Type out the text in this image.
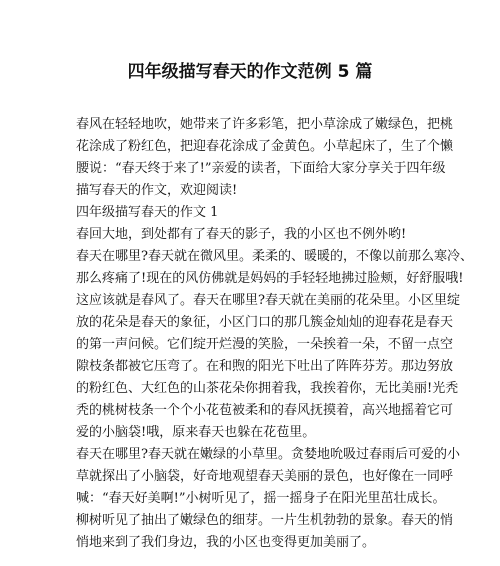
四年级描写春天的作文范例 5 篇
春风在轻轻地吹，她带来了许多彩笔，把小草涂成了嫩绿色，把桃
花涂成了粉红色，把迎春花涂成了金黄色。小草起床了，生了个懒
腰说：“春天终于来了!”亲爱的读者，下面给大家分享关于四年级
描写春天的作文，欢迎阅读!
四年级描写春天的作文 1
春回大地，到处都有了春天的影子，我的小区也不例外哟!
春天在哪里?春天就在微风里。柔柔的、暖暖的，不像以前那么寒冷、
那么疼痛了!现在的风仿佛就是妈妈的手轻轻地拂过脸颊，好舒服哦!
这应该就是春风了。春天在哪里?春天就在美丽的花朵里。小区里绽
放的花朵是春天的象征，小区门口的那几簇金灿灿的迎春花是春天
的第一声问候。它们绽开烂漫的笑脸，一朵挨着一朵，不留一点空
隙枝条都被它压弯了。在和煦的阳光下吐出了阵阵芬芳。那边努放
的粉红色、大红色的山茶花朵你拥着我，我挨着你，无比美丽!光秃
秃的桃树枝条一个个小花苞被柔和的春风抚摸着，高兴地摇着它可
爱的小脑袋!哦，原来春天也躲在花苞里。
春天在哪里?春天就在嫩绿的小草里。贪婪地吮吸过春雨后可爱的小
草就探出了小脑袋，好奇地观望春天美丽的景色，也好像在一同呼
喊：“春天好美啊!”小树听见了，摇一摇身子在阳光里茁壮成长。
柳树听见了抽出了嫩绿色的细芽。一片生机勃勃的景象。春天的悄
悄地来到了我们身边，我的小区也变得更加美丽了。
